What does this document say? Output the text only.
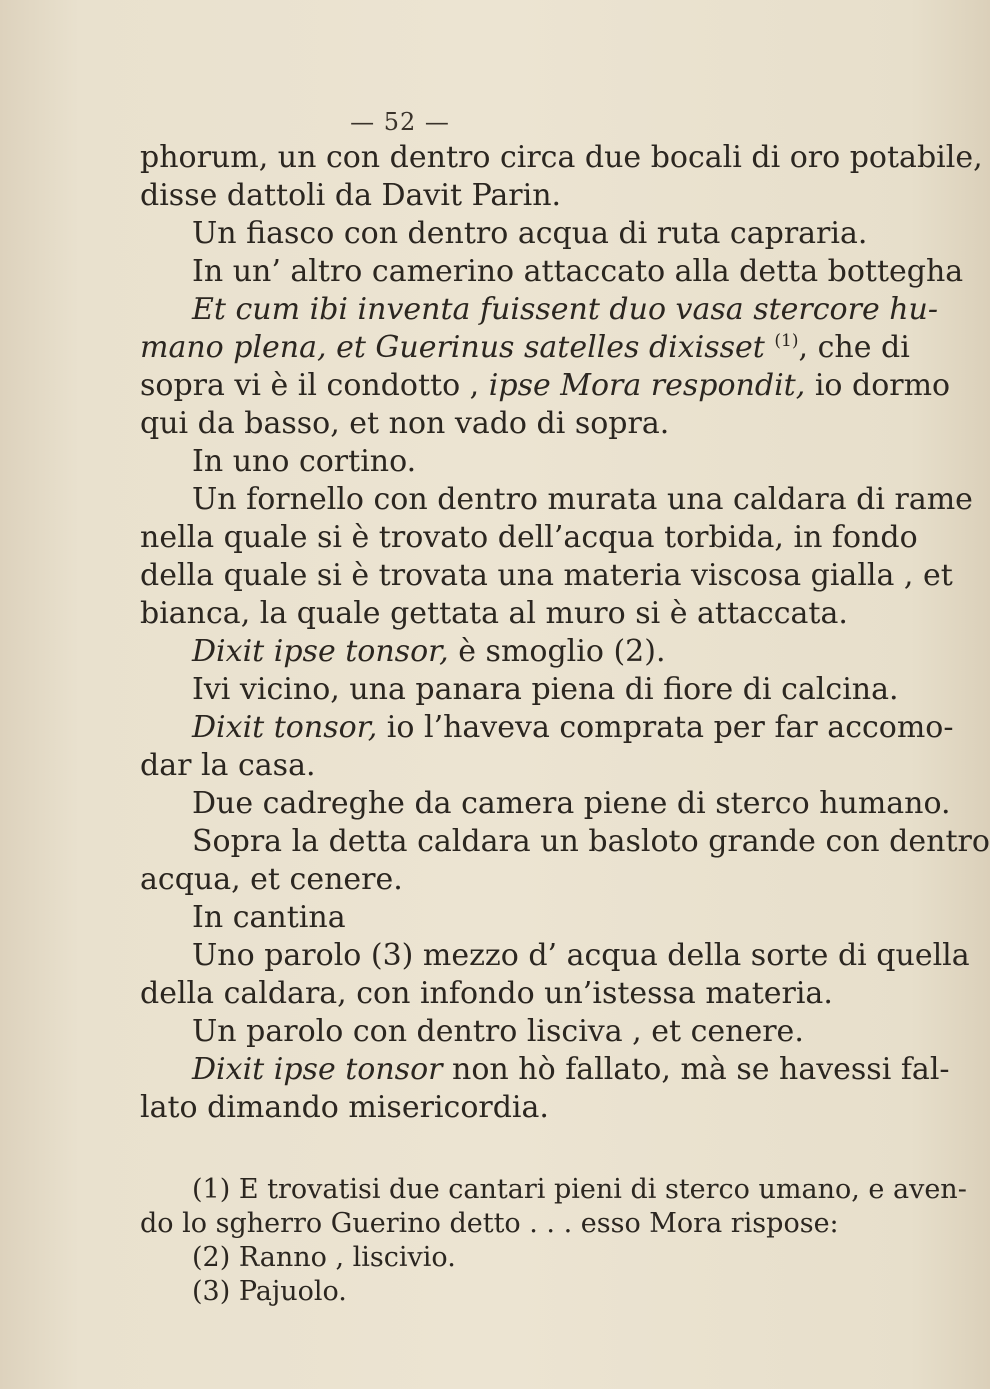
— 52 —
phorum, un con dentro circa due bocali di oro potabile,
disse dattoli da Davit Parin.
Un fiasco con dentro acqua di ruta capraria.
In un’ altro camerino attaccato alla detta bottegha
Et cum ibi inventa fuissent duo vasa stercore hu-
mano plena, et Guerinus satelles dixisset $^{(1)}$, che di
sopra vi è il condotto , ipse Mora respondit, io dormo
qui da basso, et non vado di sopra.
In uno cortino.
Un fornello con dentro murata una caldara di rame
nella quale si è trovato dell’acqua torbida, in fondo
della quale si è trovata una materia viscosa gialla , et
bianca, la quale gettata al muro si è attaccata.
Dixit ipse tonsor, è smoglio (2).
Ivi vicino, una panara piena di fiore di calcina.
Dixit tonsor, io l’haveva comprata per far accomo-
dar la casa.
Due cadreghe da camera piene di sterco humano.
Sopra la detta caldara un basloto grande con dentro
acqua, et cenere.
In cantina
Uno parolo (3) mezzo d’ acqua della sorte di quella
della caldara, con infondo un’istessa materia.
Un parolo con dentro lisciva , et cenere.
Dixit ipse tonsor non hò fallato, mà se havessi fal-
lato dimando misericordia.
(1) E trovatisi due cantari pieni di sterco umano, e aven-
do lo sgherro Guerino detto . . . esso Mora rispose:
(2) Ranno , liscivio.
(3) Pajuolo.
